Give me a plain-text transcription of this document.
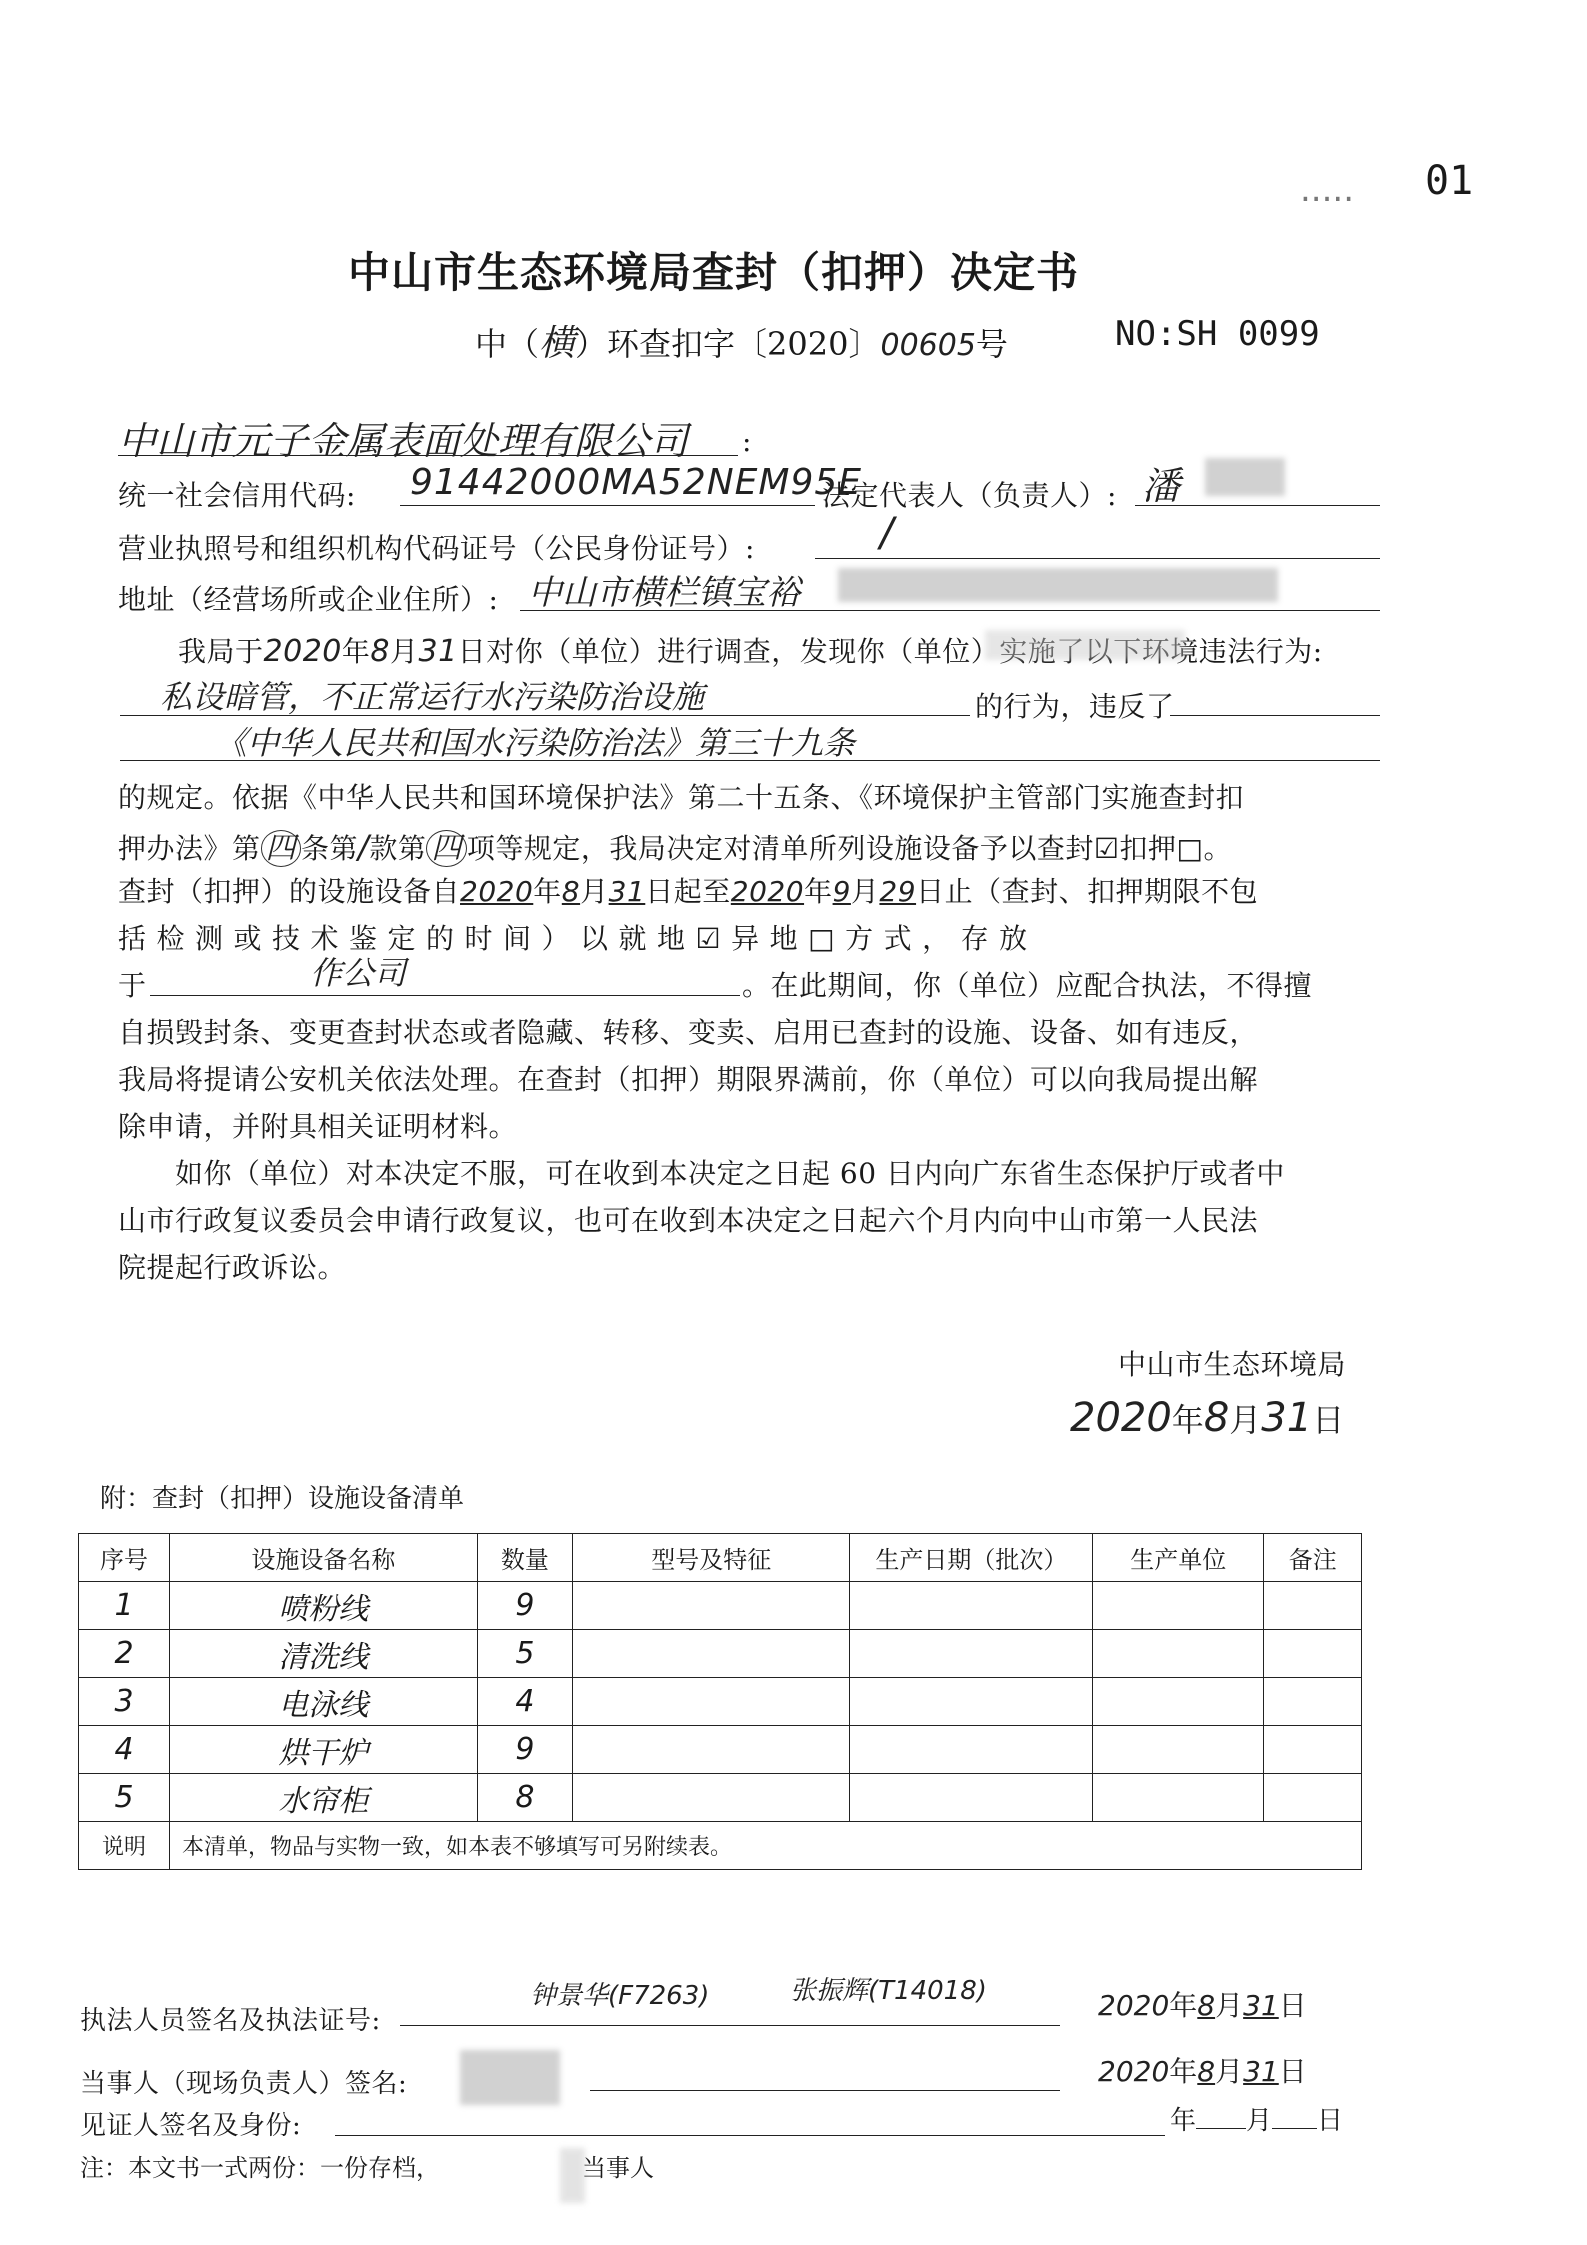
..... 01
中山市生态环境局查封（扣押）决定书
中（横）环查扣字〔2020〕00605号	NO:SH 0099
中山市元子金属表面处理有限公司 :
统一社会信用代码: 91442000MA52NEM95E
法定代表人（负责人）: 潘
营业执照号和组织机构代码证号（公民身份证号）:	/
地址（经营场所或企业住所）: 中山市横栏镇宝裕
我局于2020年8月31日对你（单位）进行调查，发现你（单位）实施了以下环境违法行为:
私设暗管，不正常运行水污染防治设施	的行为，违反了
《中华人民共和国水污染防治法》第三十九条
的规定。依据《中华人民共和国环境保护法》第二十五条、《环境保护主管部门实施查封扣
押办法》第 四 条第/款第 四 项等规定，我局决定对清单所列设施设备予以查封☑扣押□。
查封（扣押）的设施设备自2020年8月31日起至2020年9月29日止（查封、扣押期限不包
括检测或技术鉴定的时间）以就地☑异地□方式，存放
于	作公司	。在此期间，你（单位）应配合执法，不得擅
自损毁封条、变更查封状态或者隐藏、转移、变卖、启用已查封的设施、设备、如有违反，
我局将提请公安机关依法处理。在查封（扣押）期限界满前，你（单位）可以向我局提出解
除申请，并附具相关证明材料。
如你（单位）对本决定不服，可在收到本决定之日起 60 日内向广东省生态保护厅或者中
山市行政复议委员会申请行政复议，也可在收到本决定之日起六个月内向中山市第一人民法
院提起行政诉讼。
中山市生态环境局
2020年8月31日
附：查封（扣押）设施设备清单
序号	设施设备名称	数量	型号及特征	生产日期（批次）	生产单位	备注
1	喷粉线	9				
2	清洗线	5				
3	电泳线	4				
4	烘干炉	9				
5	水帘柜	8				
说明	本清单，物品与实物一致，如本表不够填写可另附续表。					
执法人员签名及执法证号:
钟景华(F7263)	张振辉(T14018)	2020年8月31日
当事人（现场负责人）签名:	2020年8月31日
见证人签名及身份:	年 月 日
注：本文书一式两份：一份存档，	当事人
